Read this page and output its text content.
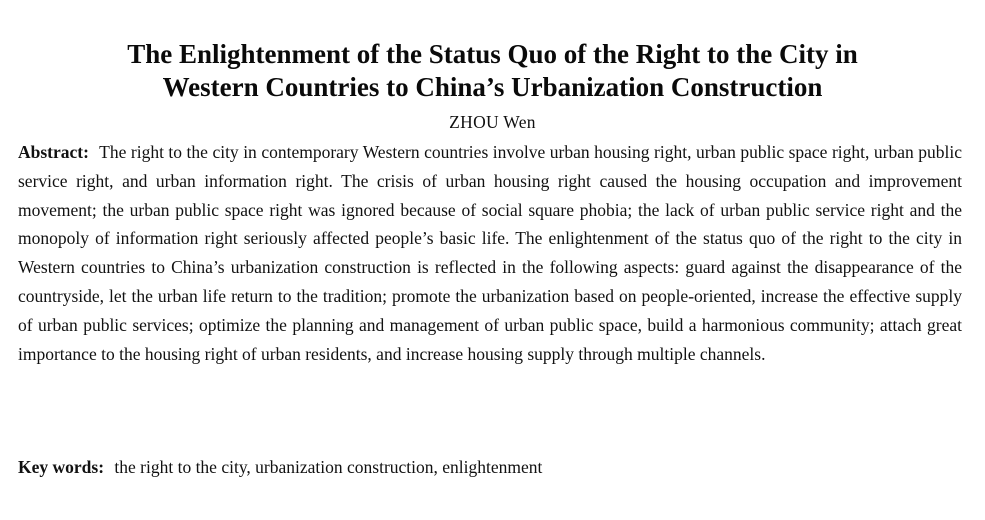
The Enlightenment of the Status Quo of the Right to the City in
Western Countries to China’s Urbanization Construction
ZHOU Wen

Abstract: The right to the city in contemporary Western countries involve urban housing right, urban public space right, urban public service right, and urban information right. The crisis of urban housing right caused the housing occupation and improvement movement; the urban public space right was ignored because of social square phobia; the lack of urban public service right and the monopoly of information right seriously affected people’s basic life. The enlightenment of the status quo of the right to the city in Western countries to China’s urbanization construction is reflected in the following aspects: guard against the disappearance of the countryside, let the urban life return to the tradition; promote the urbanization based on people-oriented, increase the effective supply of urban public services; optimize the planning and management of urban public space, build a harmonious community; attach great importance to the housing right of urban residents, and increase housing supply through multiple channels.

Key words: the right to the city, urbanization construction, enlightenment
